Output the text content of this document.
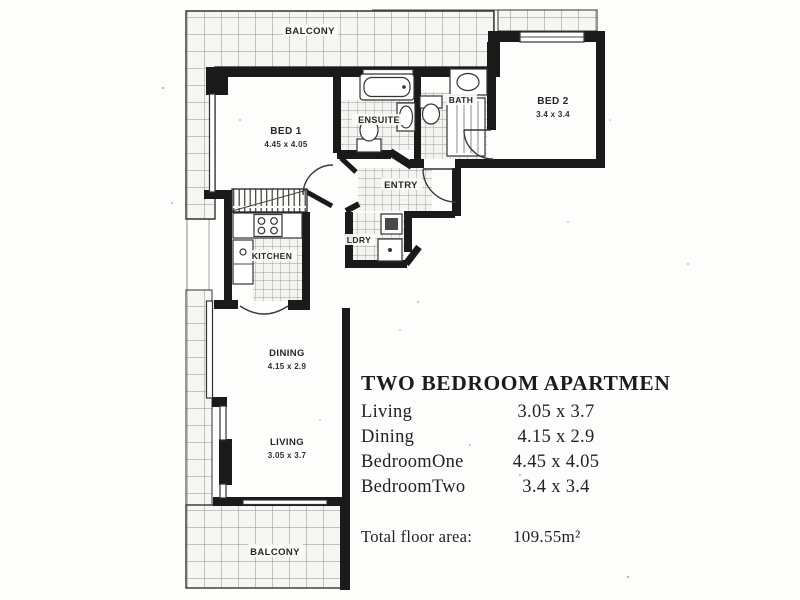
BALCONY
BED 1
4.45 x 4.05
ENSUITE
BATH	BED 2
3.4 x 3.4
ENTRY
LDRY
KITCHEN
DINING
4.15 x 2.9
LIVING
3.05 x 3.7
BALCONY
TWO BEDROOM APARTMEN
Living	3.05 x 3.7
Dining	4.15 x 2.9
BedroomOne	4.45 x 4.05
BedroomTwo	3.4 x 3.4
Total floor area: 109.55m²
